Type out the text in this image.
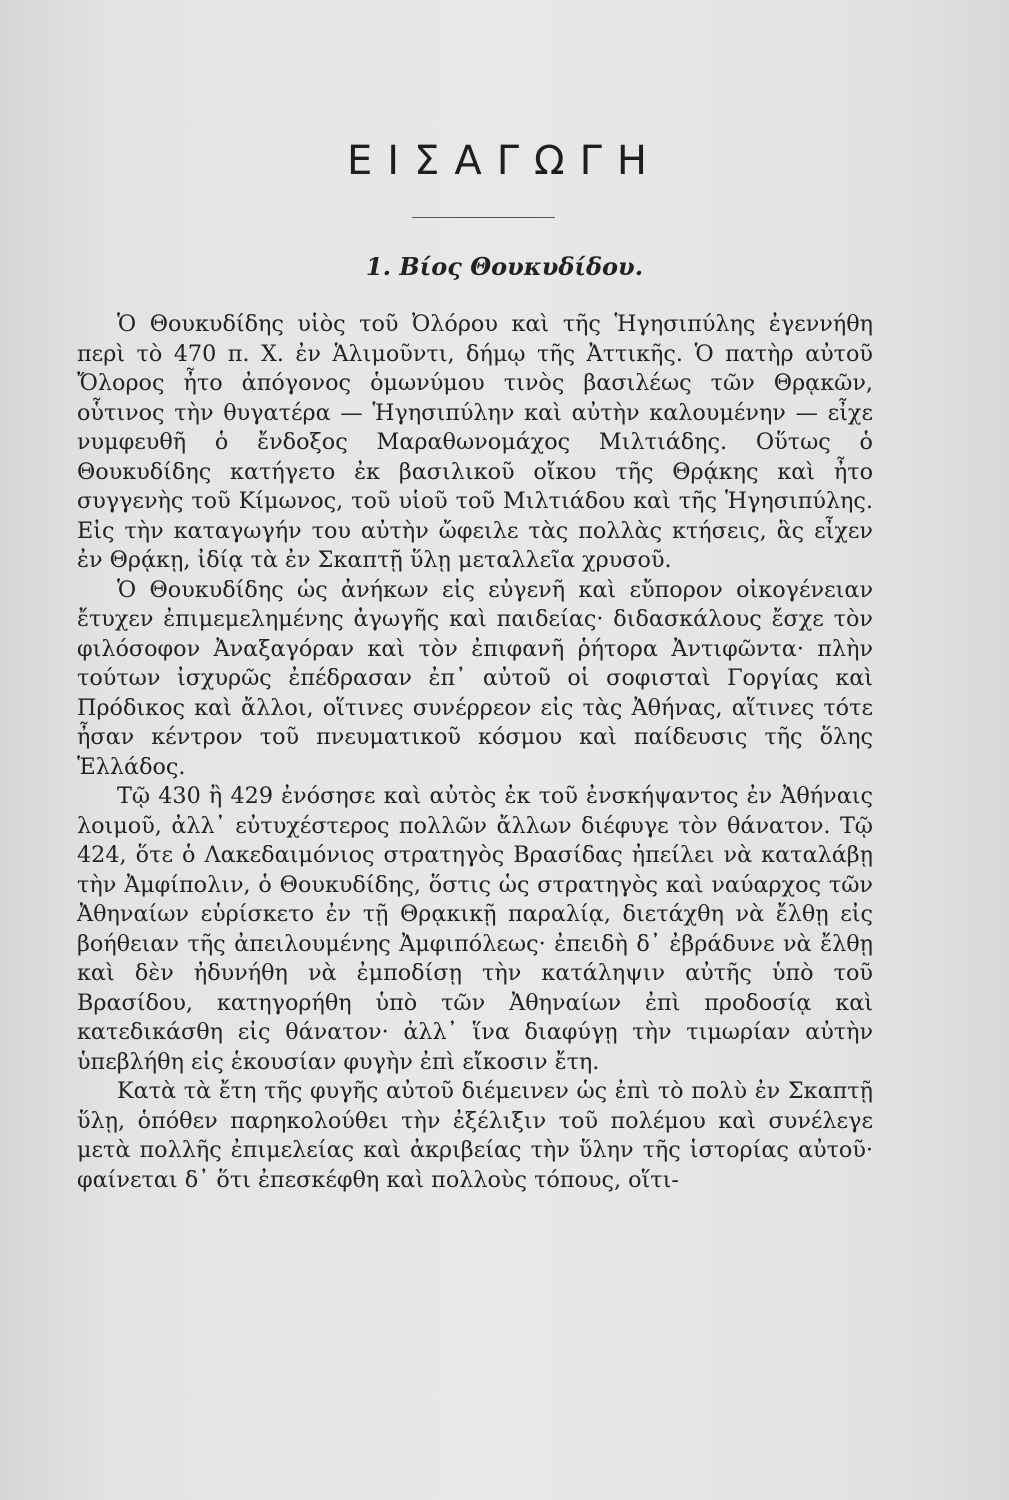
ΕΙΣΑΓΩΓΗ
1. Βίος Θουκυδίδου.

Ὁ Θουκυδίδης υἱὸς τοῦ Ὀλόρου καὶ τῆς Ἡγησιπύλης ἐγεννήθη περὶ τὸ 470 π. Χ. ἐν Ἁλιμοῦντι, δήμῳ τῆς Ἀττικῆς. Ὁ πατὴρ αὐτοῦ Ὄλορος ἦτο ἀπόγονος ὁμωνύμου τινὸς βασιλέως τῶν Θρᾳκῶν, οὗτινος τὴν θυγατέρα — Ἡγησιπύλην καὶ αὐτὴν καλουμένην — εἶχε νυμφευθῆ ὁ ἔνδοξος Μαραθωνομάχος Μιλτιάδης. Οὕτως ὁ Θουκυδίδης κατήγετο ἐκ βασιλικοῦ οἴκου τῆς Θρᾴκης καὶ ἦτο συγγενὴς τοῦ Κίμωνος, τοῦ υἱοῦ τοῦ Μιλτιάδου καὶ τῆς Ἡγησιπύλης. Εἰς τὴν καταγωγήν του αὐτὴν ὤφειλε τὰς πολλὰς κτήσεις, ἃς εἶχεν ἐν Θρᾴκῃ, ἰδίᾳ τὰ ἐν Σκαπτῇ ὕλῃ μεταλλεῖα χρυσοῦ.

Ὁ Θουκυδίδης ὡς ἀνήκων εἰς εὐγενῆ καὶ εὔπορον οἰκογένειαν ἔτυχεν ἐπιμεμελημένης ἀγωγῆς καὶ παιδείας· διδασκάλους ἔσχε τὸν φιλόσοφον Ἀναξαγόραν καὶ τὸν ἐπιφανῆ ῥήτορα Ἀντιφῶντα· πλὴν τούτων ἰσχυρῶς ἐπέδρασαν ἐπ᾿ αὐτοῦ οἱ σοφισταὶ Γοργίας καὶ Πρόδικος καὶ ἄλλοι, οἵτινες συνέρρεον εἰς τὰς Ἀθήνας, αἵτινες τότε ἦσαν κέντρον τοῦ πνευματικοῦ κόσμου καὶ παίδευσις τῆς ὅλης Ἑλλάδος.

Τῷ 430 ἢ 429 ἐνόσησε καὶ αὐτὸς ἐκ τοῦ ἐνσκήψαντος ἐν Ἀθήναις λοιμοῦ, ἀλλ᾿ εὐτυχέστερος πολλῶν ἄλλων διέφυγε τὸν θάνατον. Τῷ 424, ὅτε ὁ Λακεδαιμόνιος στρατηγὸς Βρασίδας ἠπείλει νὰ καταλάβῃ τὴν Ἀμφίπολιν, ὁ Θουκυδίδης, ὅστις ὡς στρατηγὸς καὶ ναύαρχος τῶν Ἀθηναίων εὑρίσκετο ἐν τῇ Θρᾳκικῇ παραλίᾳ, διετάχθη νὰ ἔλθῃ εἰς βοήθειαν τῆς ἀπειλουμένης Ἀμφιπόλεως· ἐπειδὴ δ᾿ ἐβράδυνε νὰ ἔλθῃ καὶ δὲν ἠδυνήθη νὰ ἐμποδίσῃ τὴν κατάληψιν αὐτῆς ὑπὸ τοῦ Βρασίδου, κατηγορήθη ὑπὸ τῶν Ἀθηναίων ἐπὶ προδοσίᾳ καὶ κατεδικάσθη εἰς θάνατον· ἀλλ᾿ ἵνα διαφύγῃ τὴν τιμωρίαν αὐτὴν ὑπεβλήθη εἰς ἑκουσίαν φυγὴν ἐπὶ εἴκοσιν ἔτη.

Κατὰ τὰ ἔτη τῆς φυγῆς αὐτοῦ διέμεινεν ὡς ἐπὶ τὸ πολὺ ἐν Σκαπτῇ ὕλῃ, ὁπόθεν παρηκολούθει τὴν ἐξέλιξιν τοῦ πολέμου καὶ συνέλεγε μετὰ πολλῆς ἐπιμελείας καὶ ἀκριβείας τὴν ὕλην τῆς ἱστορίας αὐτοῦ· φαίνεται δ᾿ ὅτι ἐπεσκέφθη καὶ πολλοὺς τόπους, οἵτι-
